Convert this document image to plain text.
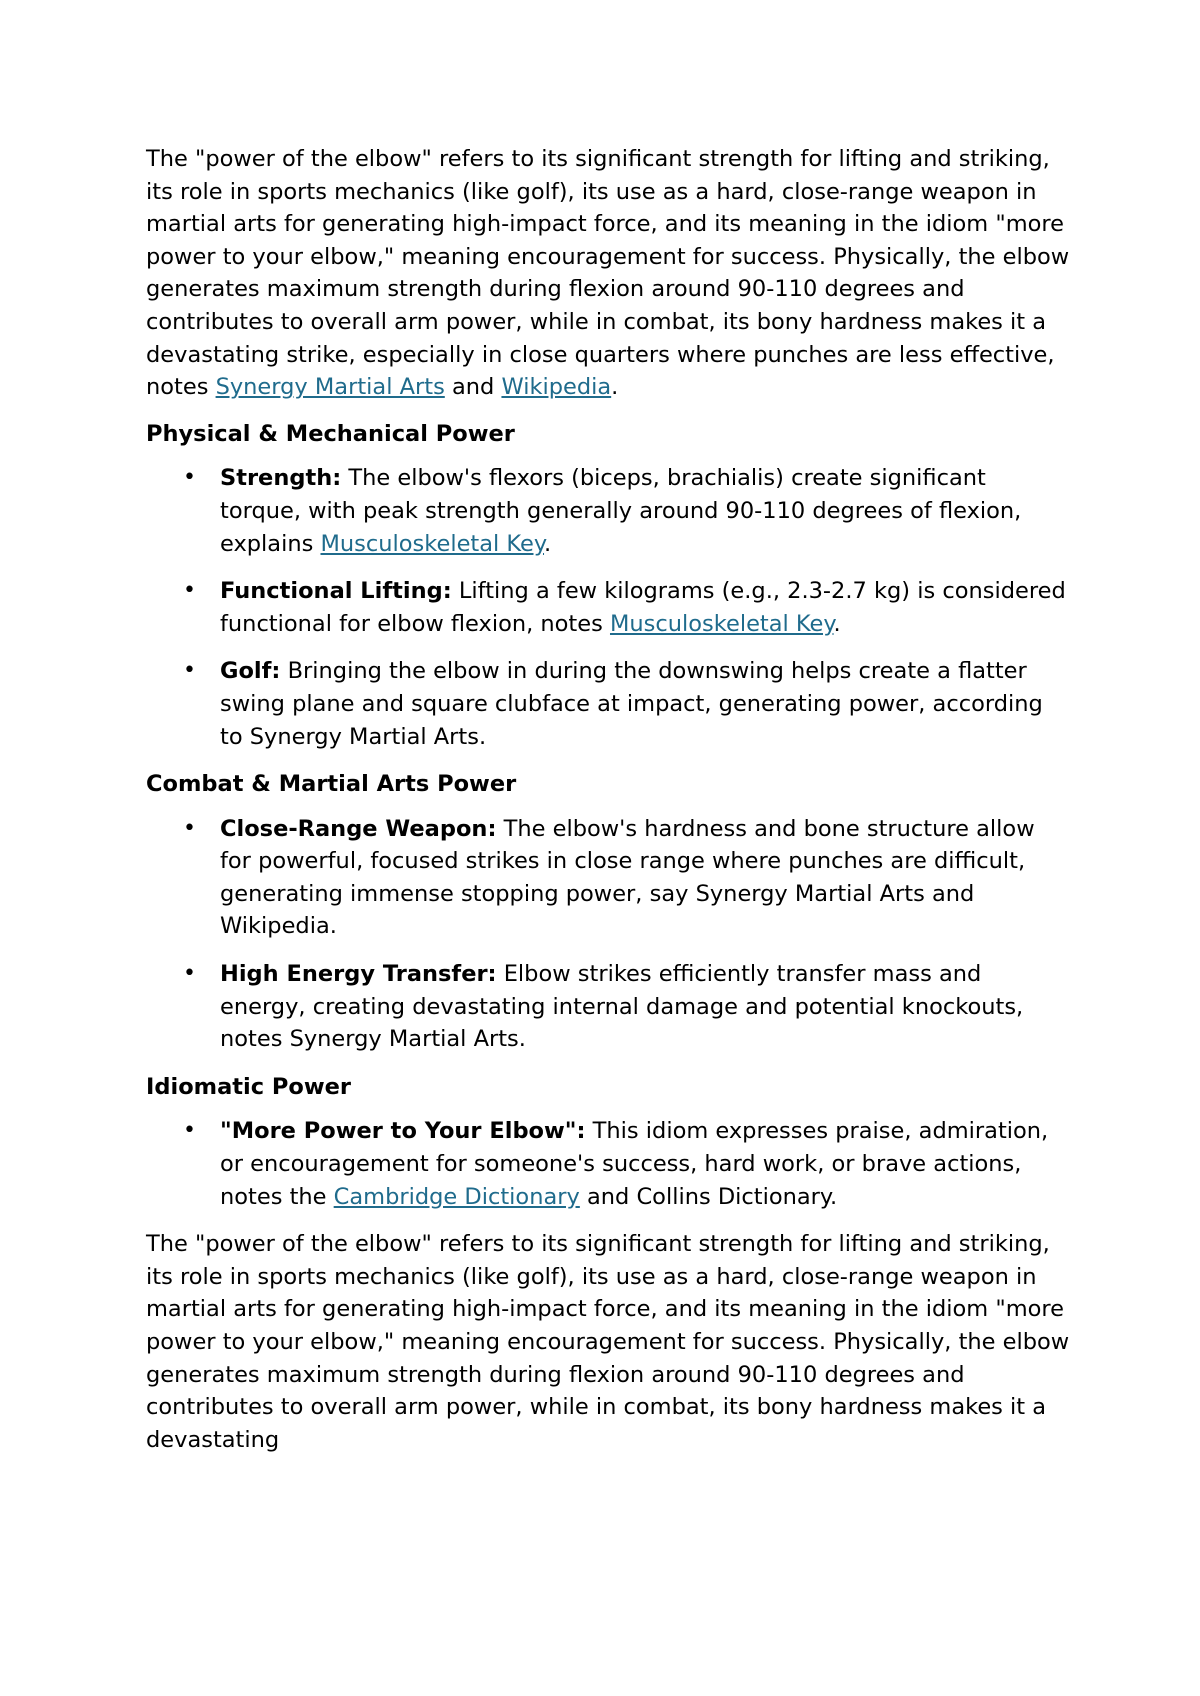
The "power of the elbow" refers to its significant strength for lifting and striking, its role in sports mechanics (like golf), its use as a hard, close-range weapon in martial arts for generating high-impact force, and its meaning in the idiom "more power to your elbow," meaning encouragement for success. Physically, the elbow generates maximum strength during flexion around 90-110 degrees and contributes to overall arm power, while in combat, its bony hardness makes it a devastating strike, especially in close quarters where punches are less effective, notes Synergy Martial Arts and Wikipedia.

Physical & Mechanical Power
• Strength: The elbow's flexors (biceps, brachialis) create significant torque, with peak strength generally around 90-110 degrees of flexion, explains Musculoskeletal Key.
• Functional Lifting: Lifting a few kilograms (e.g., 2.3-2.7 kg) is considered functional for elbow flexion, notes Musculoskeletal Key.
• Golf: Bringing the elbow in during the downswing helps create a flatter swing plane and square clubface at impact, generating power, according to Synergy Martial Arts.
Combat & Martial Arts Power
• Close-Range Weapon: The elbow's hardness and bone structure allow for powerful, focused strikes in close range where punches are difficult, generating immense stopping power, say Synergy Martial Arts and Wikipedia.
• High Energy Transfer: Elbow strikes efficiently transfer mass and energy, creating devastating internal damage and potential knockouts, notes Synergy Martial Arts.
Idiomatic Power
• "More Power to Your Elbow": This idiom expresses praise, admiration, or encouragement for someone's success, hard work, or brave actions, notes the Cambridge Dictionary and Collins Dictionary.

The "power of the elbow" refers to its significant strength for lifting and striking, its role in sports mechanics (like golf), its use as a hard, close-range weapon in martial arts for generating high-impact force, and its meaning in the idiom "more power to your elbow," meaning encouragement for success. Physically, the elbow generates maximum strength during flexion around 90-110 degrees and contributes to overall arm power, while in combat, its bony hardness makes it a devastating
